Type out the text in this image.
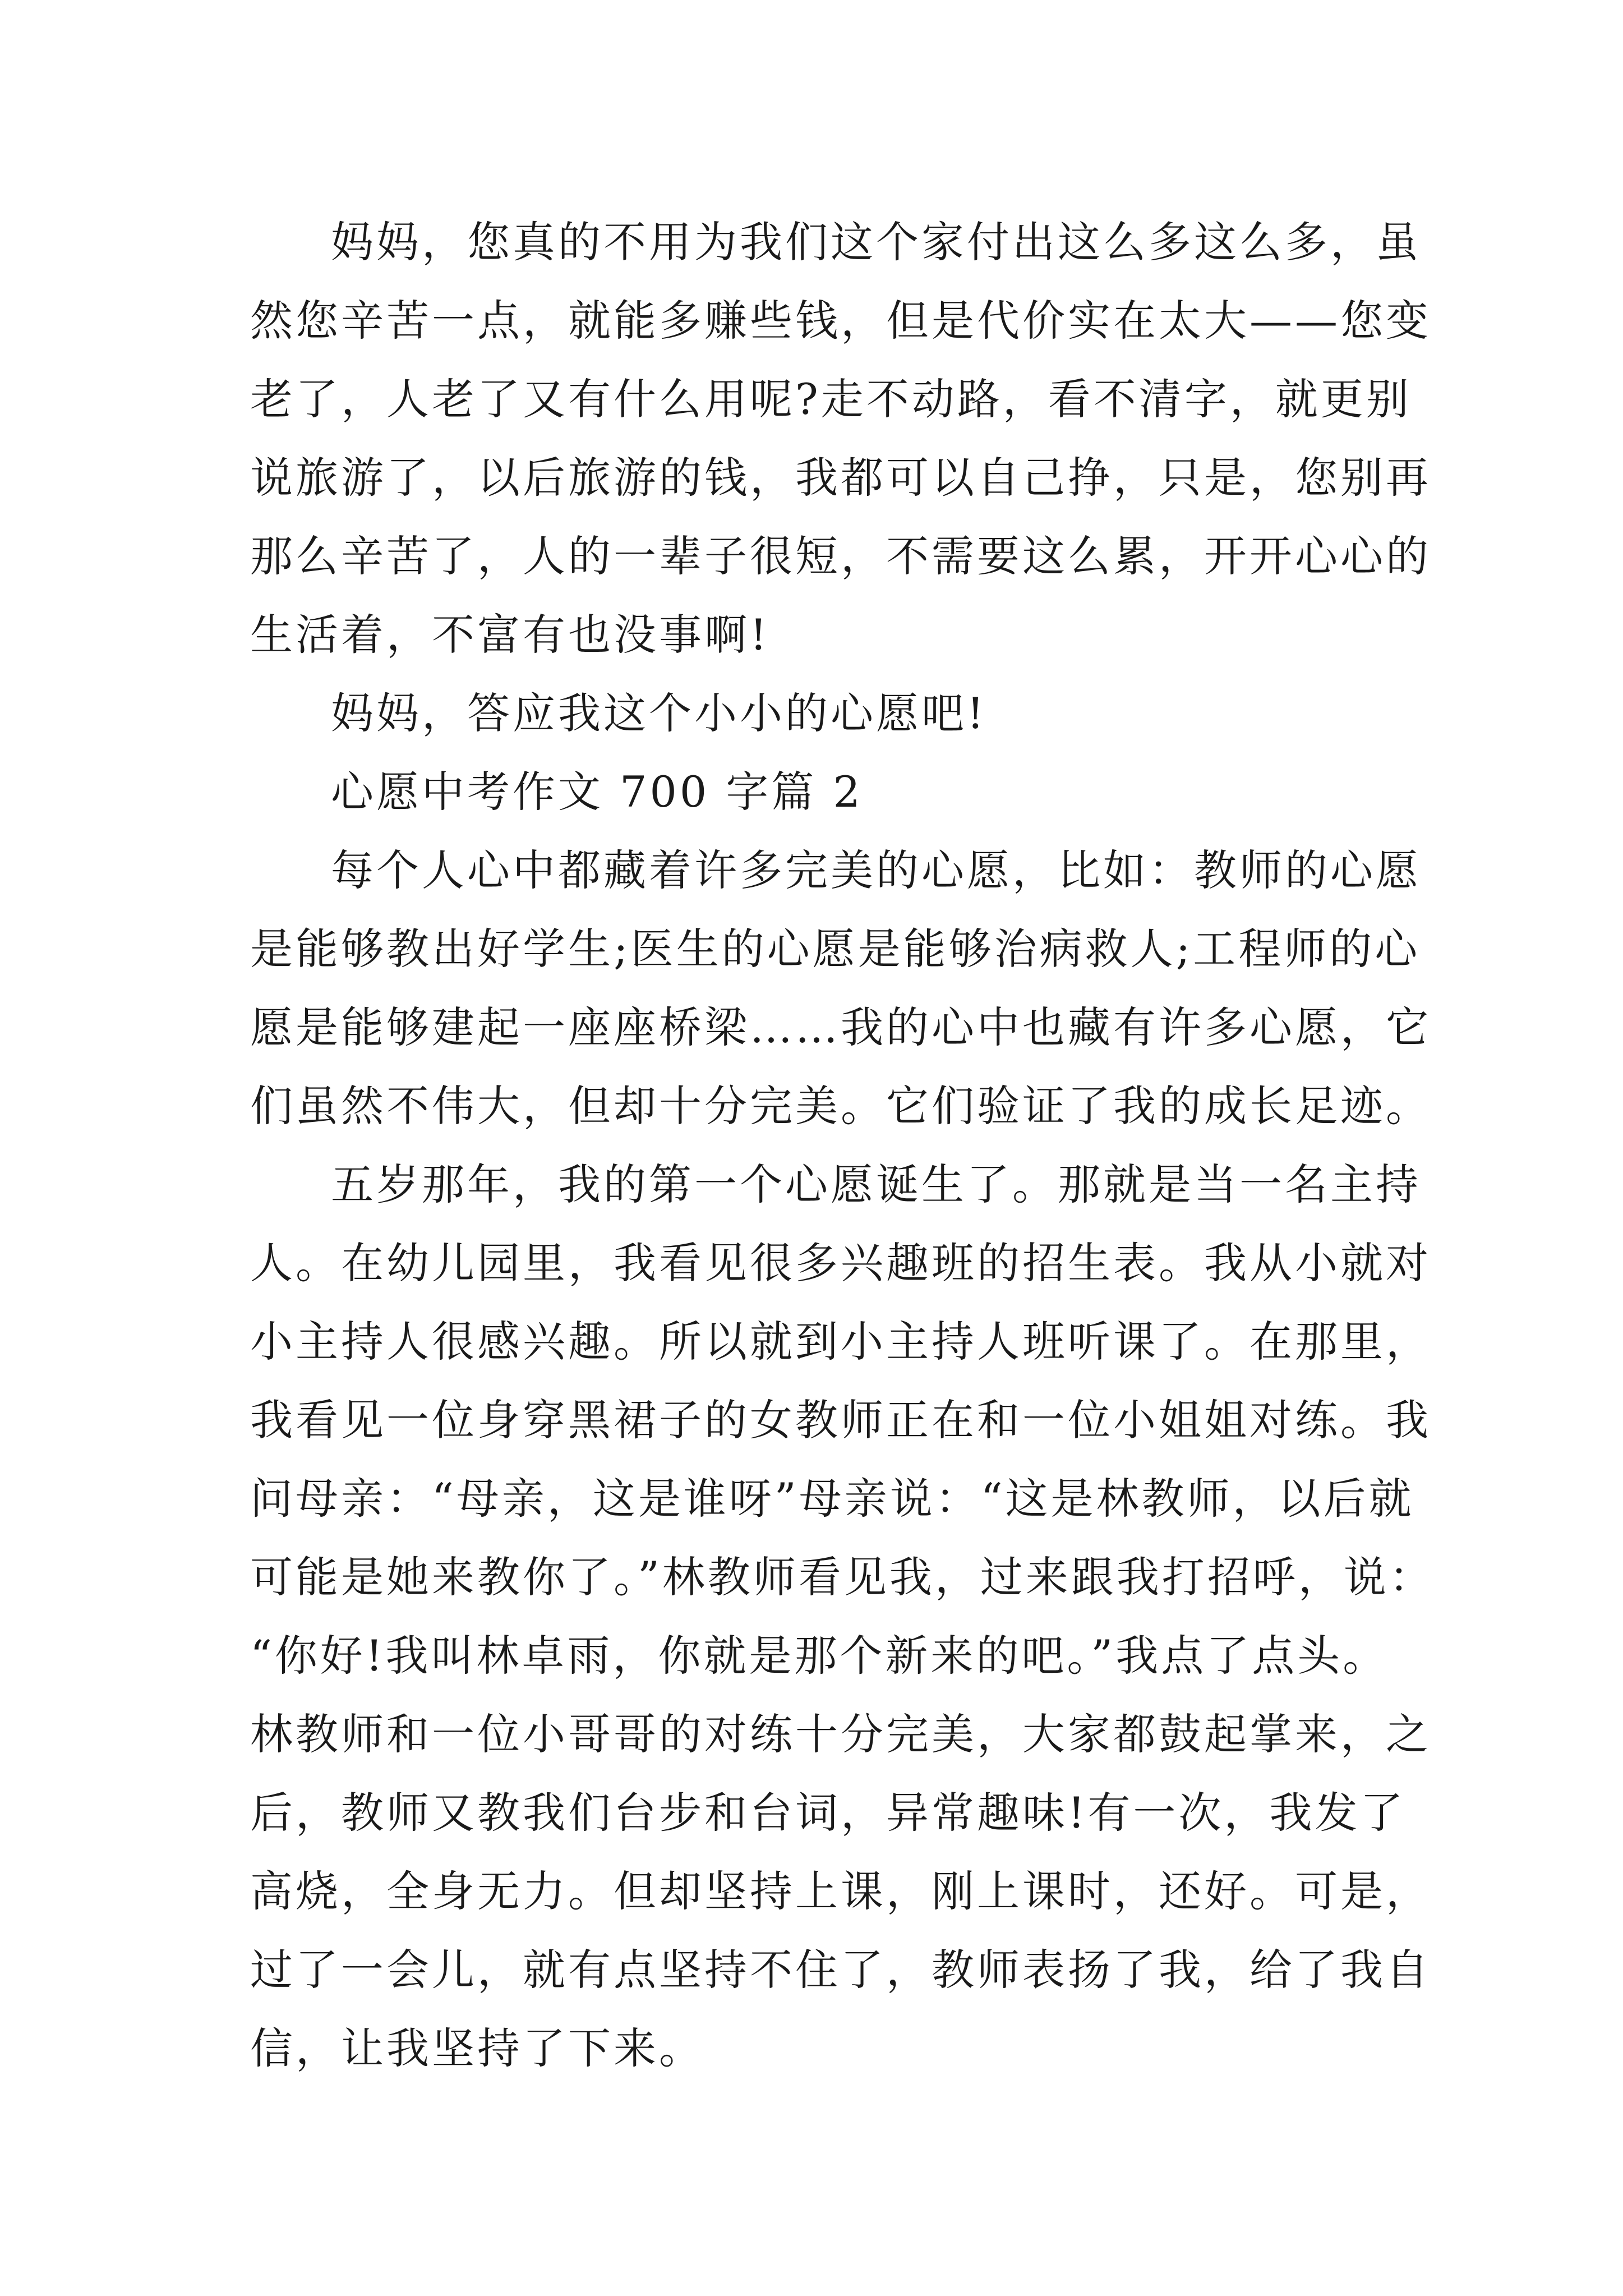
妈妈，您真的不用为我们这个家付出这么多这么多，虽
然您辛苦一点，就能多赚些钱，但是代价实在太大——您变
老了，人老了又有什么用呢?走不动路，看不清字，就更别
说旅游了，以后旅游的钱，我都可以自己挣，只是，您别再
那么辛苦了，人的一辈子很短，不需要这么累，开开心心的
生活着，不富有也没事啊!
妈妈，答应我这个小小的心愿吧!
心愿中考作文 700 字篇 2
每个人心中都藏着许多完美的心愿，比如：教师的心愿
是能够教出好学生;医生的心愿是能够治病救人;工程师的心
愿是能够建起一座座桥梁……我的心中也藏有许多心愿，它
们虽然不伟大，但却十分完美。它们验证了我的成长足迹。
五岁那年，我的第一个心愿诞生了。那就是当一名主持
人。在幼儿园里，我看见很多兴趣班的招生表。我从小就对
小主持人很感兴趣。所以就到小主持人班听课了。在那里，
我看见一位身穿黑裙子的女教师正在和一位小姐姐对练。我
问母亲：“母亲，这是谁呀”母亲说：“这是林教师，以后就
可能是她来教你了。”林教师看见我，过来跟我打招呼，说：
“你好!我叫林卓雨，你就是那个新来的吧。”我点了点头。
林教师和一位小哥哥的对练十分完美，大家都鼓起掌来，之
后，教师又教我们台步和台词，异常趣味!有一次，我发了
高烧，全身无力。但却坚持上课，刚上课时，还好。可是，
过了一会儿，就有点坚持不住了，教师表扬了我，给了我自
信，让我坚持了下来。
